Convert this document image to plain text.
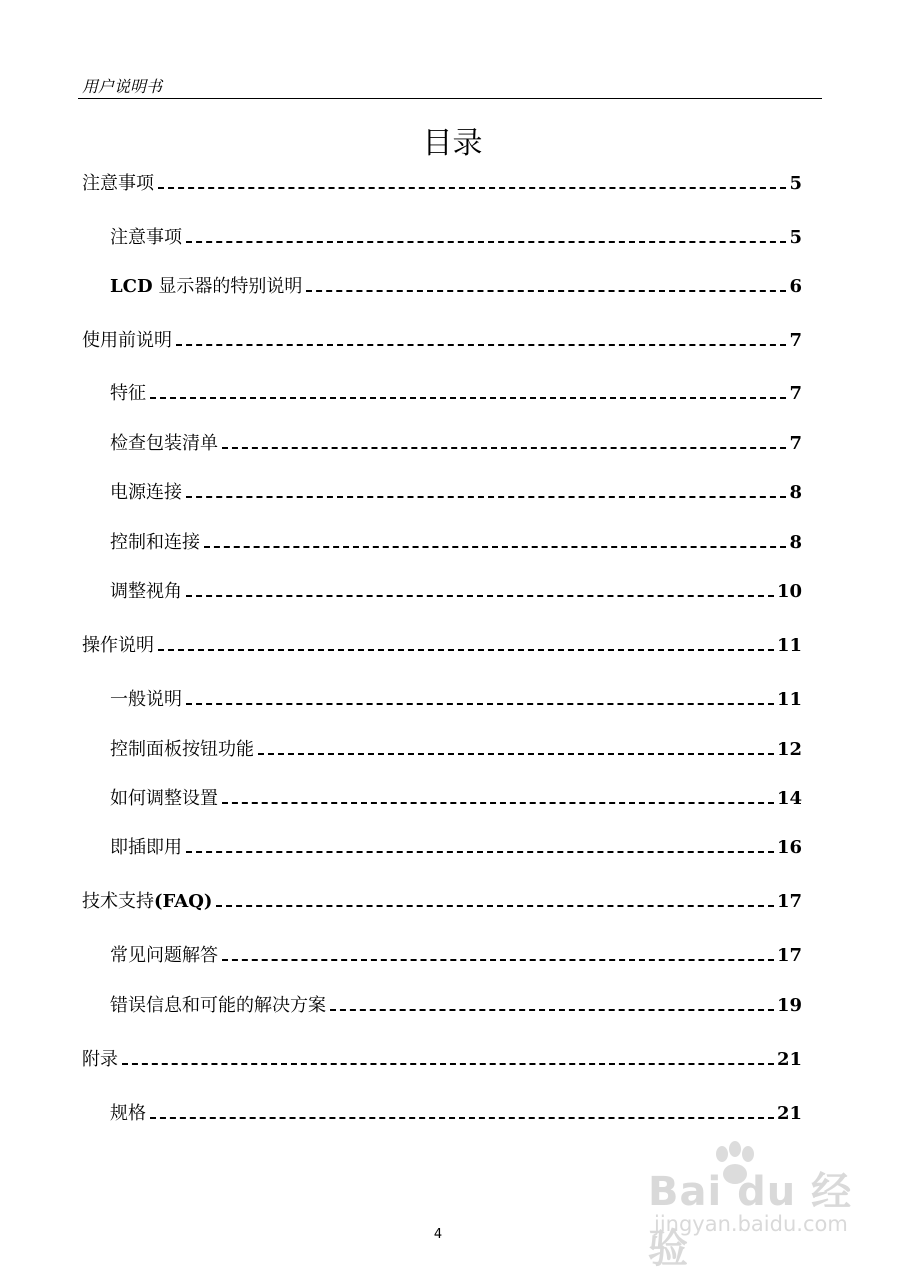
用户说明书
目录
注意事项	5
注意事项	5
LCD 显示器的特别说明	6
使用前说明	7
特征	7
检查包装清单	7
电源连接	8
控制和连接	8
调整视角	10
操作说明	11
一般说明	11
控制面板按钮功能	12
如何调整设置	14
即插即用	16
技术支持(FAQ)	17
常见问题解答	17
错误信息和可能的解决方案	19
附录	21
规格	21
4
Bai du 经验
jingyan.baidu.com
